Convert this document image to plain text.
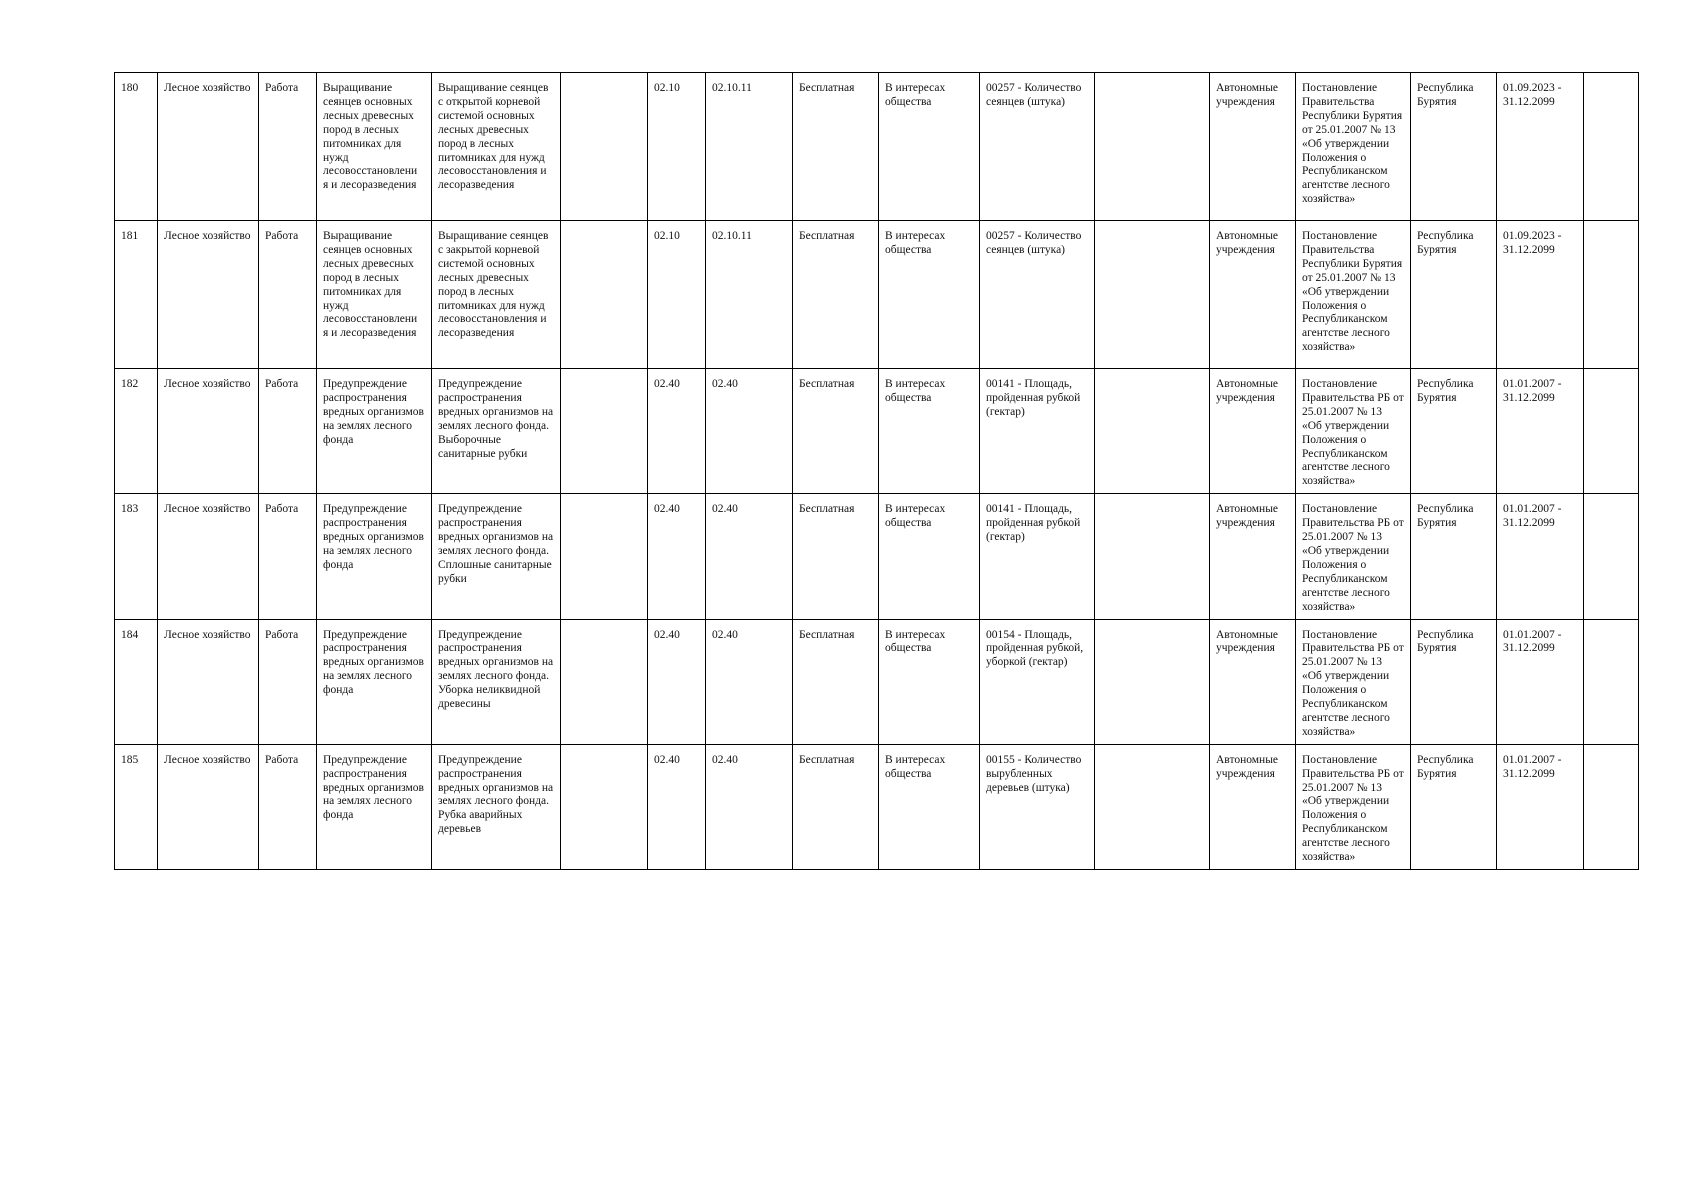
180	Лесное хозяйство	Работа	Выращивание сеянцев основных лесных древесных пород в лесных питомниках для нужд лесовосстановлени я и лесоразведения	Выращивание сеянцев с открытой корневой системой основных лесных древесных пород в лесных питомниках для нужд лесовосстановления и лесоразведения		02.10	02.10.11	Бесплатная	В интересах общества	00257 - Количество сеянцев (штука)		Автономные учреждения	Постановление Правительства Республики Бурятия от 25.01.2007 № 13 «Об утверждении Положения о Республиканском агентстве лесного хозяйства»	Республика Бурятия	01.09.2023 - 31.12.2099	
181	Лесное хозяйство	Работа	Выращивание сеянцев основных лесных древесных пород в лесных питомниках для нужд лесовосстановлени я и лесоразведения	Выращивание сеянцев с закрытой корневой системой основных лесных древесных пород в лесных питомниках для нужд лесовосстановления и лесоразведения		02.10	02.10.11	Бесплатная	В интересах общества	00257 - Количество сеянцев (штука)		Автономные учреждения	Постановление Правительства Республики Бурятия от 25.01.2007 № 13 «Об утверждении Положения о Республиканском агентстве лесного хозяйства»	Республика Бурятия	01.09.2023 - 31.12.2099	
182	Лесное хозяйство	Работа	Предупреждение распространения вредных организмов на землях лесного фонда	Предупреждение распространения вредных организмов на землях лесного фонда. Выборочные санитарные рубки		02.40	02.40	Бесплатная	В интересах общества	00141 - Площадь, пройденная рубкой (гектар)		Автономные учреждения	Постановление Правительства РБ от 25.01.2007 № 13 «Об утверждении Положения о Республиканском агентстве лесного хозяйства»	Республика Бурятия	01.01.2007 - 31.12.2099	
183	Лесное хозяйство	Работа	Предупреждение распространения вредных организмов на землях лесного фонда	Предупреждение распространения вредных организмов на землях лесного фонда. Сплошные санитарные рубки		02.40	02.40	Бесплатная	В интересах общества	00141 - Площадь, пройденная рубкой (гектар)		Автономные учреждения	Постановление Правительства РБ от 25.01.2007 № 13 «Об утверждении Положения о Республиканском агентстве лесного хозяйства»	Республика Бурятия	01.01.2007 - 31.12.2099	
184	Лесное хозяйство	Работа	Предупреждение распространения вредных организмов на землях лесного фонда	Предупреждение распространения вредных организмов на землях лесного фонда. Уборка неликвидной древесины		02.40	02.40	Бесплатная	В интересах общества	00154 - Площадь, пройденная рубкой, уборкой (гектар)		Автономные учреждения	Постановление Правительства РБ от 25.01.2007 № 13 «Об утверждении Положения о Республиканском агентстве лесного хозяйства»	Республика Бурятия	01.01.2007 - 31.12.2099	
185	Лесное хозяйство	Работа	Предупреждение распространения вредных организмов на землях лесного фонда	Предупреждение распространения вредных организмов на землях лесного фонда. Рубка аварийных деревьев		02.40	02.40	Бесплатная	В интересах общества	00155 - Количество вырубленных деревьев (штука)		Автономные учреждения	Постановление Правительства РБ от 25.01.2007 № 13 «Об утверждении Положения о Республиканском агентстве лесного хозяйства»	Республика Бурятия	01.01.2007 - 31.12.2099	
